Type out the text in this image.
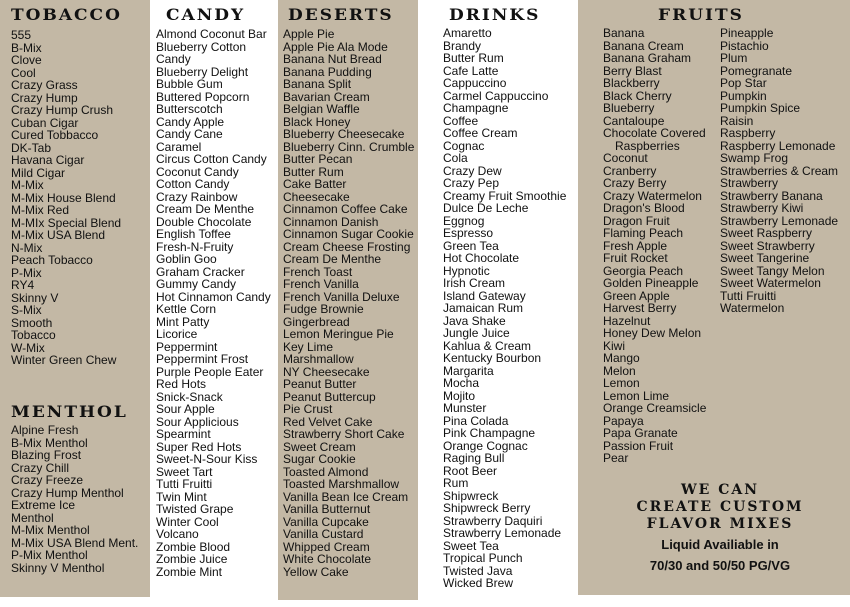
TOBACCO
555
B-Mix
Clove
Cool
Crazy Grass
Crazy Hump
Crazy Hump Crush
Cuban Cigar
Cured Tobbacco
DK-Tab
Havana Cigar
Mild Cigar
M-Mix
M-Mix House Blend
M-Mix Red
M-MIx Special Blend
M-Mix USA Blend
N-Mix
Peach Tobacco
P-Mix
RY4
Skinny V
S-Mix
Smooth
Tobacco
W-Mix
Winter Green Chew
MENTHOL
Alpine Fresh
B-Mix Menthol
Blazing Frost
Crazy Chill
Crazy Freeze
Crazy Hump Menthol
Extreme Ice
Menthol
M-Mix Menthol
M-Mix USA Blend Ment.
P-Mix Menthol
Skinny V Menthol
CANDY
Almond Coconut Bar
Blueberry Cotton
Candy
Blueberry Delight
Bubble Gum
Buttered Popcorn
Butterscotch
Candy Apple
Candy Cane
Caramel
Circus Cotton Candy
Coconut Candy
Cotton Candy
Crazy Rainbow
Cream De Menthe
Double Chocolate
English Toffee
Fresh-N-Fruity
Goblin Goo
Graham Cracker
Gummy Candy
Hot Cinnamon Candy
Kettle Corn
Mint Patty
Licorice
Peppermint
Peppermint Frost
Purple People Eater
Red Hots
Snick-Snack
Sour Apple
Sour Applicious
Spearmint
Super Red Hots
Sweet-N-Sour Kiss
Sweet Tart
Tutti Fruitti
Twin Mint
Twisted Grape
Winter Cool
Volcano
Zombie Blood
Zombie Juice
Zombie Mint
DESERTS
Apple Pie
Apple Pie Ala Mode
Banana Nut Bread
Banana Pudding
Banana Split
Bavarian Cream
Belgian Waffle
Black Honey
Blueberry Cheesecake
Blueberry Cinn. Crumble
Butter Pecan
Butter Rum
Cake Batter
Cheesecake
Cinnamon Coffee Cake
Cinnamon Danish
Cinnamon Sugar Cookie
Cream Cheese Frosting
Cream De Menthe
French Toast
French Vanilla
French Vanilla Deluxe
Fudge Brownie
Gingerbread
Lemon Meringue Pie
Key Lime
Marshmallow
NY Cheesecake
Peanut Butter
Peanut Buttercup
Pie Crust
Red Velvet Cake
Strawberry Short Cake
Sweet Cream
Sugar Cookie
Toasted Almond
Toasted Marshmallow
Vanilla Bean Ice Cream
Vanilla Butternut
Vanilla Cupcake
Vanilla Custard
Whipped Cream
White Chocolate
Yellow Cake
DRINKS
Amaretto
Brandy
Butter Rum
Cafe Latte
Cappuccino
Carmel Cappuccino
Champagne
Coffee
Coffee Cream
Cognac
Cola
Crazy Dew
Crazy Pep
Creamy Fruit Smoothie
Dulce De Leche
Eggnog
Espresso
Green Tea
Hot Chocolate
Hypnotic
Irish Cream
Island Gateway
Jamaican Rum
Java Shake
Jungle Juice
Kahlua & Cream
Kentucky Bourbon
Margarita
Mocha
Mojito
Munster
Pina Colada
Pink Champagne
Orange Cognac
Raging Bull
Root Beer
Rum
Shipwreck
Shipwreck Berry
Strawberry Daquiri
Strawberry Lemonade
Sweet Tea
Tropical Punch
Twisted Java
Wicked Brew
FRUITS
Banana
Banana Cream
Banana Graham
Berry Blast
Blackberry
Black Cherry
Blueberry
Cantaloupe
Chocolate Covered
Raspberries
Coconut
Cranberry
Crazy Berry
Crazy Watermelon
Dragon's Blood
Dragon Fruit
Flaming Peach
Fresh Apple
Fruit Rocket
Georgia Peach
Golden Pineapple
Green Apple
Harvest Berry
Hazelnut
Honey Dew Melon
Kiwi
Mango
Melon
Lemon
Lemon Lime
Orange Creamsicle
Papaya
Papa Granate
Passion Fruit
Pear
Pineapple
Pistachio
Plum
Pomegranate
Pop Star
Pumpkin
Pumpkin Spice
Raisin
Raspberry
Raspberry Lemonade
Swamp Frog
Strawberries & Cream
Strawberry
Strawberry Banana
Strawberry Kiwi
Strawberry Lemonade
Sweet Raspberry
Sweet Strawberry
Sweet Tangerine
Sweet Tangy Melon
Sweet Watermelon
Tutti Fruitti
Watermelon
WE CAN
CREATE CUSTOM
FLAVOR MIXES
Liquid Availiable in
70/30 and 50/50 PG/VG
